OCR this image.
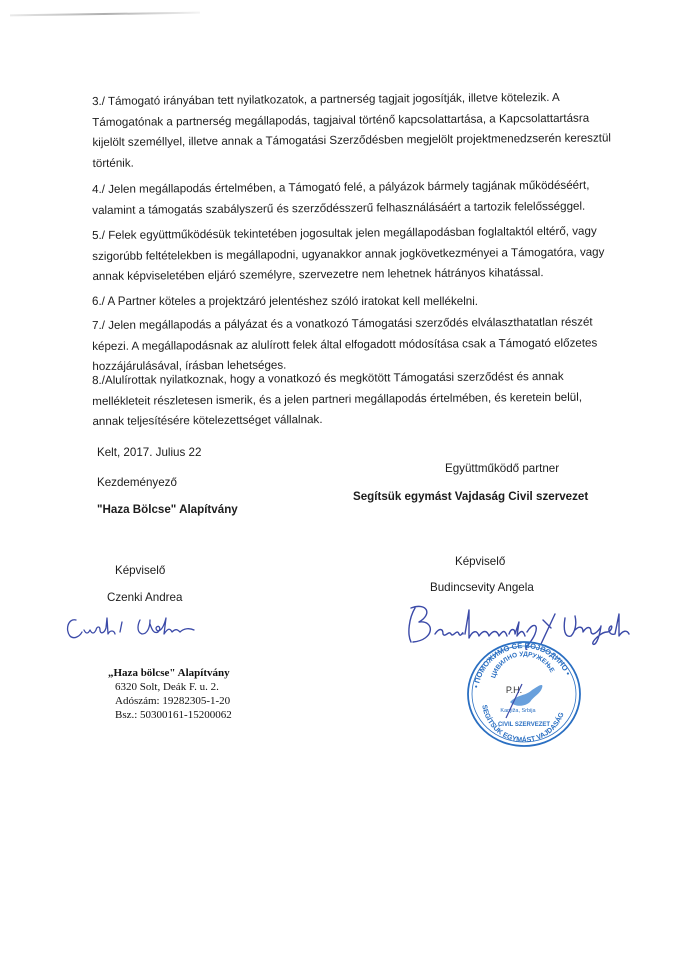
3./ Támogató irányában tett nyilatkozatok, a partnerség tagjait jogosítják, illetve kötelezik. A Támogatónak a partnerség megállapodás, tagjaival történő kapcsolattartása, a Kapcsolattartásra kijelölt személlyel, illetve annak a Támogatási Szerződésben megjelölt projektmenedzserén keresztül történik.
4./ Jelen megállapodás értelmében, a Támogató felé, a pályázok bármely tagjának működéséért, valamint a támogatás szabályszerű és szerződésszerű felhasználásáért a tartozik felelősséggel.
5./ Felek együttműködésük tekintetében jogosultak jelen megállapodásban foglaltaktól eltérő, vagy szigorúbb feltételekben is megállapodni, ugyanakkor annak jogkövetkezményei a Támogatóra, vagy annak képviseletében eljáró személyre, szervezetre nem lehetnek hátrányos kihatással.
6./ A Partner köteles a projektzáró jelentéshez szóló iratokat kell mellékelni.
7./ Jelen megállapodás a pályázat és a vonatkozó Támogatási szerződés elválaszthatatlan részét képezi. A megállapodásnak az alulírott felek által elfogadott módosítása csak a Támogató előzetes hozzájárulásával, írásban lehetséges.
8./Alulírottak nyilatkoznak, hogy a vonatkozó és megkötött Támogatási szerződést és annak mellékleteit részletesen ismerik, és a jelen partneri megállapodás értelmében, és keretein belül, annak teljesítésére kötelezettséget vállalnak.
Kelt, 2017. Julius 22
Kezdeményező
"Haza Bölcse" Alapítvány
Együttműködő partner
Segítsük egymást Vajdaság Civil szervezet
Képviselő
Czenki Andrea
Képviselő
Budincsevity Angela
„Haza bölcse" Alapítvány
6320 Solt, Deák F. u. 2.
Adószám: 19282305-1-20
Bsz.: 50300161-15200062
• ПОМОЖИМО СЕ ВОЈВОДИНО •
ЦИВИЛНО УДРУЖЕЊЕ
SEGÍTSÜK EGYMÁST VAJDASÁG
Kanjiža, Srbija
CIVIL SZERVEZET
P.H.
